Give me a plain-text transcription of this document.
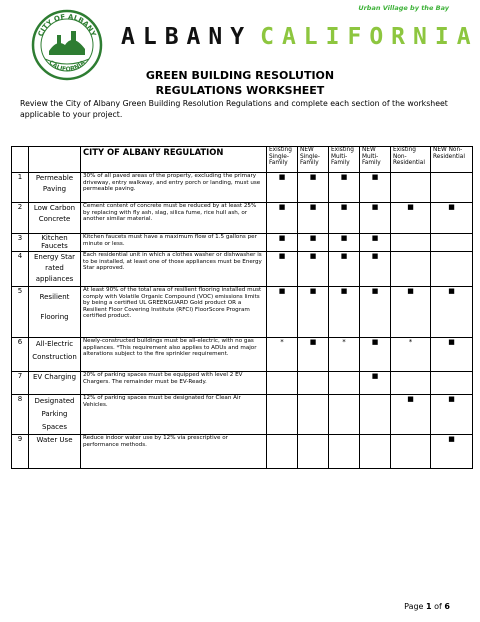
Urban Village by the Bay
CITY OF ALBANY
CALIFORNIA
ALBANY CALIFORNIA
GREEN BUILDING RESOLUTION
REGULATIONS WORKSHEET
Review the City of Albany Green Building Resolution Regulations and complete each section of the worksheet applicable to your project.
		CITY OF ALBANY REGULATION	Existing Single-Family	NEW Single-Family	Existing Multi-Family	NEW Multi-Family	Existing Non-Residential	NEW Non-Residential
1	Permeable Paving	30% of all paved areas of the property, excluding the primary driveway, entry walkway, and entry porch or landing, must use permeable paving.	■	■	■	■		
2	Low Carbon Concrete	Cement content of concrete must be reduced by at least 25% by replacing with fly ash, slag, silica fume, rice hull ash, or another similar material.	■	■	■	■	■	■
3	Kitchen Faucets	Kitchen faucets must have a maximum flow of 1.5 gallons per minute or less.	■	■	■	■		
4	Energy Star rated appliances	Each residential unit in which a clothes washer or dishwasher is to be installed, at least one of those appliances must be Energy Star approved.	■	■	■	■		
5	Resilient Flooring	At least 90% of the total area of resilient flooring installed must comply with Volatile Organic Compound (VOC) emissions limits by being a certified UL GREENGUARD Gold product OR a Resilient Floor Covering Institute (RFCI) FloorScore Program certified product.	■	■	■	■	■	■
6	All-Electric Construction	Newly-constructed buildings must be all-electric, with no gas appliances. *This requirement also applies to ADUs and major alterations subject to the fire sprinkler requirement.	*	■	*	■	*	■
7	EV Charging	20% of parking spaces must be equipped with level 2 EV Chargers. The remainder must be EV-Ready.				■		
8	Designated Parking Spaces	12% of parking spaces must be designated for Clean Air Vehicles.					■	■
9	Water Use	Reduce indoor water use by 12% via prescriptive or performance methods.						■
Page 1 of 6
